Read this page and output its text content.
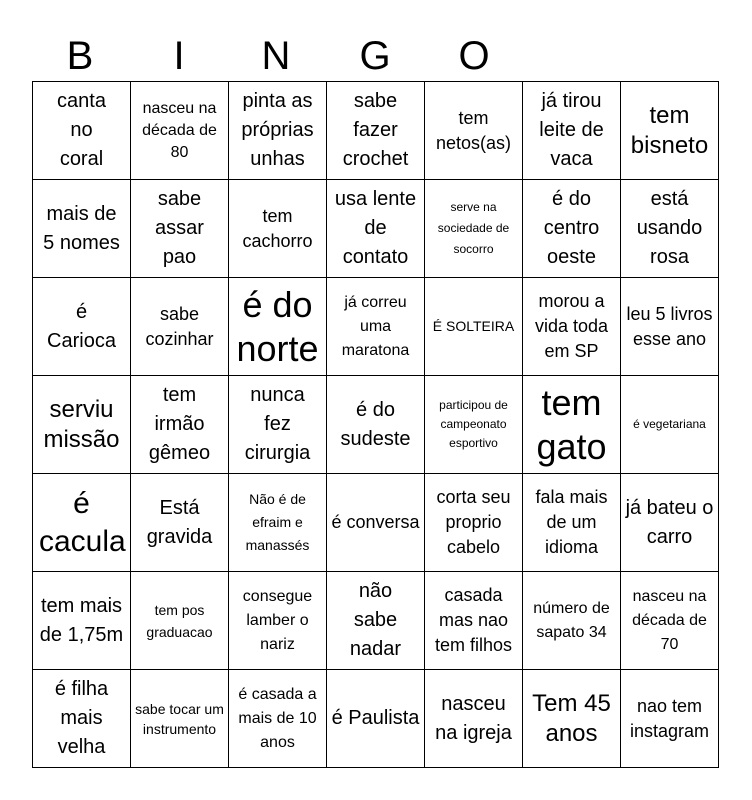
B	I	N	G	O
canta no coral
nasceu na década de 80
pinta as próprias unhas
sabe fazer crochet
tem netos(as)
já tirou leite de vaca
tem bisneto
mais de 5 nomes
sabe assar pao
tem cachorro
usa lente de contato
serve na sociedade de socorro
é do centro oeste
está usando rosa
é Carioca
sabe cozinhar
é do norte
já correu uma maratona
É SOLTEIRA
morou a vida toda em SP
leu 5 livros esse ano
serviu missão
tem irmão gêmeo
nunca fez cirurgia
é do sudeste
participou de campeonato esportivo
tem gato
é vegetariana
é cacula
Está gravida
Não é de efraim e manassés
é conversa
corta seu proprio cabelo
fala mais de um idioma
já bateu o carro
tem mais de 1,75m
tem pos graduacao
consegue lamber o nariz
não sabe nadar
casada mas nao tem filhos
número de sapato 34
nasceu na década de 70
é filha mais velha
sabe tocar um instrumento
é casada a mais de 10 anos
é Paulista
nasceu na igreja
Tem 45 anos
nao tem instagram
